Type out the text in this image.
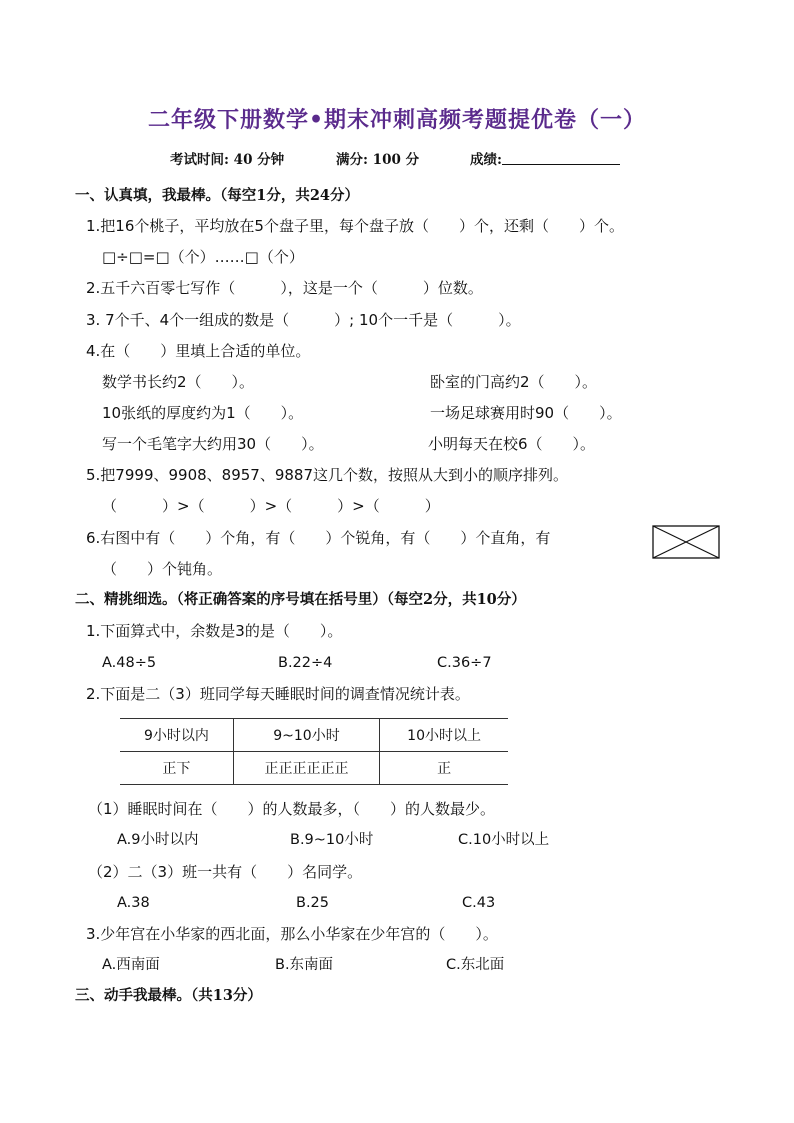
二年级下册数学•期末冲刺高频考题提优卷（一）
考试时间: 40 分钟	满分: 100 分	成绩:
一、认真填，我最棒。（每空1分，共24分）
1.把16个桃子，平均放在5个盘子里，每个盘子放（　　）个，还剩（　　）个。
□÷□=□（个）……□（个）
2.五千六百零七写作（　　　），这是一个（　　　）位数。
3. 7个千、4个一组成的数是（　　　）; 10个一千是（　　　）。
4.在（　　）里填上合适的单位。
数学书长约2（　　）。	卧室的门高约2（　　）。
10张纸的厚度约为1（　　）。	一场足球赛用时90（　　）。
写一个毛笔字大约用30（　　）。	小明每天在校6（　　）。
5.把7999、9908、8957、9887这几个数，按照从大到小的顺序排列。
（　　　）>（　　　）>（　　　）>（　　　）
6.右图中有（　　）个角，有（　　）个锐角，有（　　）个直角，有
（　　）个钝角。
二、精挑细选。（将正确答案的序号填在括号里）（每空2分，共10分）
1.下面算式中，余数是3的是（　　）。
A.48÷5	B.22÷4	C.36÷7
2.下面是二（3）班同学每天睡眠时间的调查情况统计表。
9小时以内	9~10小时	10小时以上
正下	正正正正正正	正
（1）睡眠时间在（　　）的人数最多，（　　）的人数最少。
A.9小时以内	B.9~10小时	C.10小时以上
（2）二（3）班一共有（　　）名同学。
A.38	B.25	C.43
3.少年宫在小华家的西北面，那么小华家在少年宫的（　　）。
A.西南面	B.东南面	C.东北面
三、动手我最棒。（共13分）
